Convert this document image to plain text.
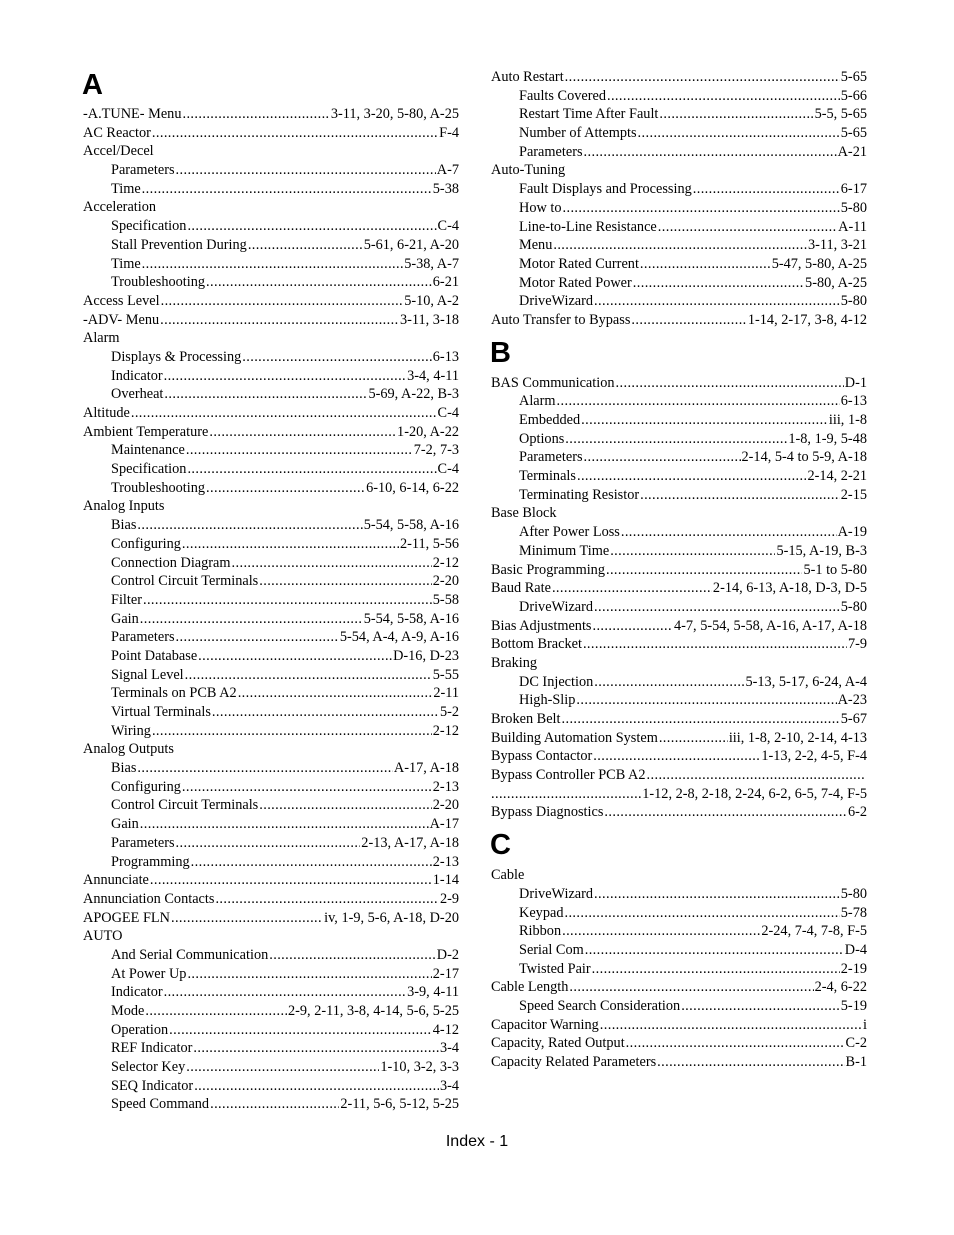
A
-A.TUNE- Menu .....	3-11, 3-20, 5-80, A-25
AC Reactor .....	F-4
Accel/Decel
Parameters .....	A-7
Time .....	5-38
Acceleration
Specification .....	C-4
Stall Prevention During .....	5-61, 6-21, A-20
Time .....	5-38, A-7
Troubleshooting .....	6-21
Access Level .....	5-10, A-2
-ADV- Menu .....	3-11, 3-18
Alarm
Displays & Processing .....	6-13
Indicator .....	3-4, 4-11
Overheat .....	5-69, A-22, B-3
Altitude .....	C-4
Ambient Temperature .....	1-20, A-22
Maintenance .....	7-2, 7-3
Specification .....	C-4
Troubleshooting .....	6-10, 6-14, 6-22
Analog Inputs
Bias .....	5-54, 5-58, A-16
Configuring .....	2-11, 5-56
Connection Diagram .....	2-12
Control Circuit Terminals .....	2-20
Filter .....	5-58
Gain .....	5-54, 5-58, A-16
Parameters .....	5-54, A-4, A-9, A-16
Point Database .....	D-16, D-23
Signal Level .....	5-55
Terminals on PCB A2 .....	2-11
Virtual Terminals .....	5-2
Wiring .....	2-12
Analog Outputs
Bias .....	A-17, A-18
Configuring .....	2-13
Control Circuit Terminals .....	2-20
Gain .....	A-17
Parameters .....	2-13, A-17, A-18
Programming .....	2-13
Annunciate .....	1-14
Annunciation Contacts .....	2-9
APOGEE FLN .....	iv, 1-9, 5-6, A-18, D-20
AUTO
And Serial Communication .....	D-2
At Power Up .....	2-17
Indicator .....	3-9, 4-11
Mode .....	2-9, 2-11, 3-8, 4-14, 5-6, 5-25
Operation .....	4-12
REF Indicator .....	3-4
Selector Key .....	1-10, 3-2, 3-3
SEQ Indicator .....	3-4
Speed Command .....	2-11, 5-6, 5-12, 5-25
Auto Restart .....	5-65
Faults Covered .....	5-66
Restart Time After Fault .....	5-5, 5-65
Number of Attempts .....	5-65
Parameters .....	A-21
Auto-Tuning
Fault Displays and Processing .....	6-17
How to .....	5-80
Line-to-Line Resistance .....	A-11
Menu .....	3-11, 3-21
Motor Rated Current .....	5-47, 5-80, A-25
Motor Rated Power .....	5-80, A-25
DriveWizard .....	5-80
Auto Transfer to Bypass .....	1-14, 2-17, 3-8, 4-12
B
BAS Communication .....	D-1
Alarm .....	6-13
Embedded .....	iii, 1-8
Options .....	1-8, 1-9, 5-48
Parameters .....	2-14, 5-4 to 5-9, A-18
Terminals .....	2-14, 2-21
Terminating Resistor .....	2-15
Base Block
After Power Loss .....	A-19
Minimum Time .....	5-15, A-19, B-3
Basic Programming .....	5-1 to 5-80
Baud Rate .....	2-14, 6-13, A-18, D-3, D-5
DriveWizard .....	5-80
Bias Adjustments .....	4-7, 5-54, 5-58, A-16, A-17, A-18
Bottom Bracket .....	7-9
Braking
DC Injection .....	5-13, 5-17, 6-24, A-4
High-Slip .....	A-23
Broken Belt .....	5-67
Building Automation System .....	iii, 1-8, 2-10, 2-14, 4-13
Bypass Contactor .....	1-13, 2-2, 4-5, F-4
Bypass Controller PCB A2
.....
.....
1-12, 2-8, 2-18, 2-24, 6-2, 6-5, 7-4, F-5
Bypass Diagnostics .....	6-2
C
Cable
DriveWizard .....	5-80
Keypad .....	5-78
Ribbon .....	2-24, 7-4, 7-8, F-5
Serial Com .....	D-4
Twisted Pair .....	2-19
Cable Length .....	2-4, 6-22
Speed Search Consideration .....	5-19
Capacitor Warning .....	i
Capacity, Rated Output .....	C-2
Capacity Related Parameters .....	B-1
Index - 1
